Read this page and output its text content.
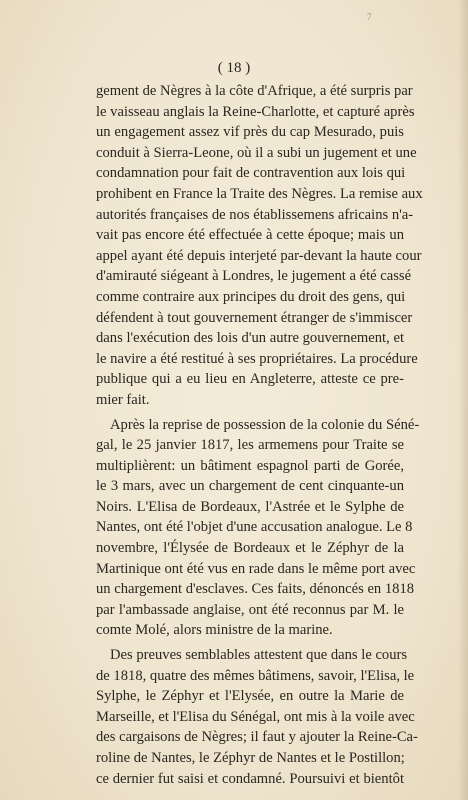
7
( 18 )
gement de Nègres à la côte d'Afrique, a été surpris par
le vaisseau anglais la Reine-Charlotte, et capturé après
un engagement assez vif près du cap Mesurado, puis
conduit à Sierra-Leone, où il a subi un jugement et une
condamnation pour fait de contravention aux lois qui
prohibent en France la Traite des Nègres. La remise aux
autorités françaises de nos établissemens africains n'a-
vait pas encore été effectuée à cette époque; mais un
appel ayant été depuis interjeté par-devant la haute cour
d'amirauté siégeant à Londres, le jugement a été cassé
comme contraire aux principes du droit des gens, qui
défendent à tout gouvernement étranger de s'immiscer
dans l'exécution des lois d'un autre gouvernement, et
le navire a été restitué à ses propriétaires. La procédure
publique qui a eu lieu en Angleterre, atteste ce pre-
mier fait.
Après la reprise de possession de la colonie du Séné-
gal, le 25 janvier 1817, les armemens pour Traite se
multiplièrent: un bâtiment espagnol parti de Gorée,
le 3 mars, avec un chargement de cent cinquante-un
Noirs. L'Elisa de Bordeaux, l'Astrée et le Sylphe de
Nantes, ont été l'objet d'une accusation analogue. Le 8
novembre, l'Élysée de Bordeaux et le Zéphyr de la
Martinique ont été vus en rade dans le même port avec
un chargement d'esclaves. Ces faits, dénoncés en 1818
par l'ambassade anglaise, ont été reconnus par M. le
comte Molé, alors ministre de la marine.
Des preuves semblables attestent que dans le cours
de 1818, quatre des mêmes bâtimens, savoir, l'Elisa, le
Sylphe, le Zéphyr et l'Elysée, en outre la Marie de
Marseille, et l'Elisa du Sénégal, ont mis à la voile avec
des cargaisons de Nègres; il faut y ajouter la Reine-Ca-
roline de Nantes, le Zéphyr de Nantes et le Postillon;
ce dernier fut saisi et condamné. Poursuivi et bientôt
